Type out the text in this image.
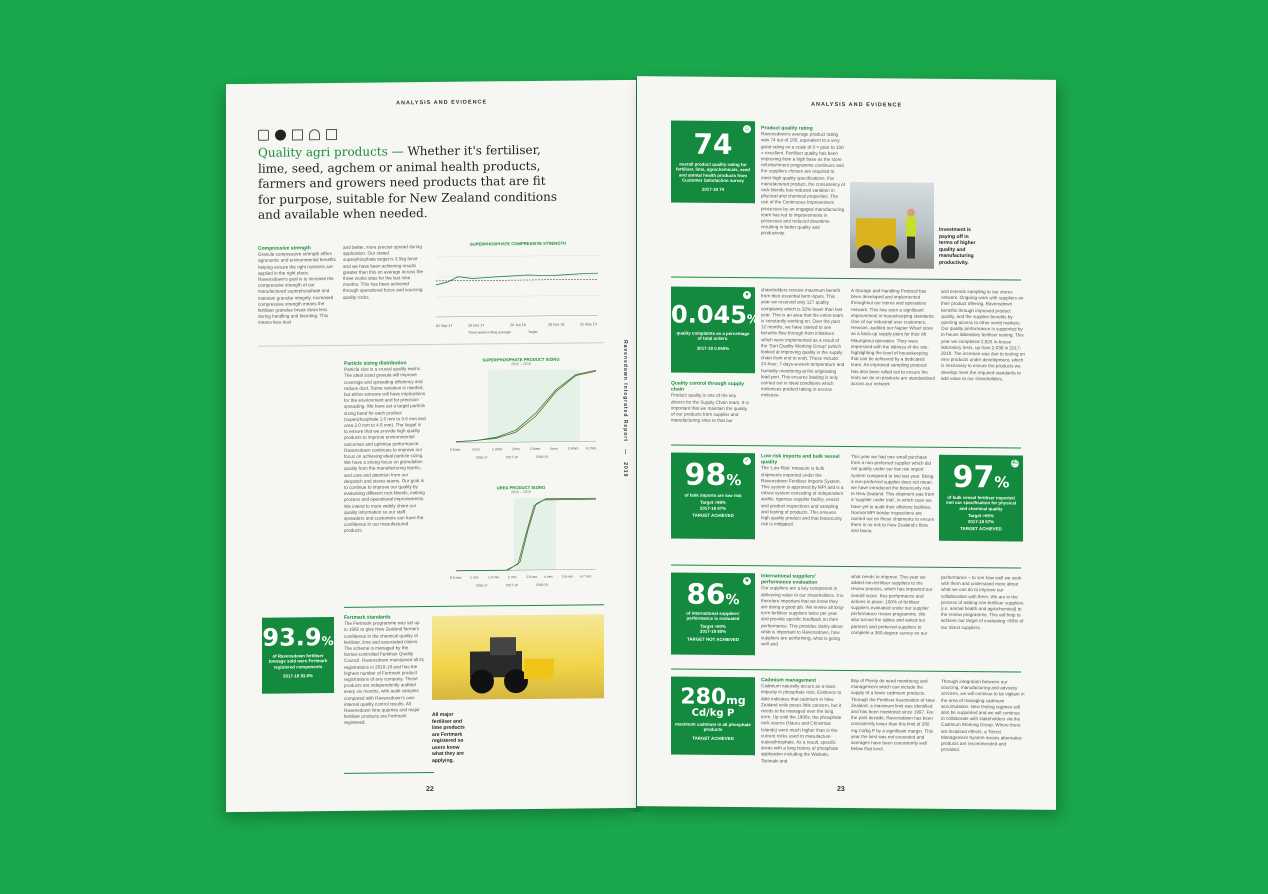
ANALYSIS AND EVIDENCE
Quality agri products — Whether it's fertiliser, lime, seed, agchem or animal health products, farmers and growers need products that are fit for purpose, suitable for New Zealand conditions and available when needed.
Compressive strength
Granule compressive strength offers agronomic and environmental benefits helping ensure the right nutrients are applied in the right place. Ravensdown's goal is to increase the compressive strength of our manufactured superphosphate and maintain granular integrity. Increased compressive strength means the fertiliser granules break down less during handling and blending. This means less dust
and better, more precise spread during application. Our stated superphosphate target is 3.5kg force and we have been achieving results greater than this on average across the three works sites for the last nine months. This has been achieved through operational focus and sourcing quality rocks.
SUPERPHOSPHATE COMPRESSIVE STRENGTH
01 Sep 17	29 Dec 17	29 Jun 18	28 Dec 18	31 May 19
Three weeks rolling average	Target
Particle sizing distribution
Particle size is a crucial quality metric. The ideal sized granule will improve coverage and spreading efficiency and reduce dust. Some variation is needed, but either extreme will have implications for the environment and for precision spreading. We have set a target particle sizing band for each product (superphosphate 1.0 mm to 5.6 mm and urea 2.0 mm to 4.6 mm). The target is to ensure that we provide high quality products to improve environmental outcomes and optimise performance. Ravensdown continues to improve our focus on achieving ideal particle sizing. We have a strong focus on granulation quality from the manufacturing teams, and care and attention from our despatch and stores teams. Our goal is to continue to improve our quality by evaluating different rock blends, making process and operational improvements. We intend to more widely share our quality information so our staff, spreaders and customers can have the confidence in our manufactured products.
SUPERPHOSPHATE PRODUCT SIZING
2016 – 2019
0.5mm	1mm	1.4mm	2mm	2.8mm	4mm	5.6mm 6.7mm
2016-17	2017-18	2018-19
UREA PRODUCT SIZING
2016 – 2019
0.5 mm	1 mm	1.4 mm	2 mm	2.8 mm 4 mm	5.6 mm 6.7 mm
2016-17	2017-18	2018-19
93.9%
of Ravensdown fertiliser tonnage sold were Fertmark registered components
2017-18 93.8%
Fertmark standards
The Fertmark programme was set up in 1992 to give New Zealand farmers confidence in the chemical quality of fertiliser, lime and associated claims. The scheme is managed by the farmer-controlled Fertiliser Quality Council. Ravensdown maintained all its registrations in 2018-19 and has the highest number of Fertmark product registrations of any company. These products are independently audited every six months, with audit samples compared with Ravensdown's own internal quality control results. All Ravensdown lime quarries and major fertiliser products are Fertmark registered.
All major fertiliser and lime products are Fertmark registered so users know what they are applying.
22
Ravensdown Integrated Report   —   2019
ANALYSIS AND EVIDENCE
☺
74
overall product quality rating for fertiliser, lime, agrochemicals, seed and animal health products from Customer Satisfaction survey
2017-18 74
Product quality rating
Ravensdown's average product rating was 74 out of 100, equivalent to a very good rating on a scale of 0 = poor to 100 = excellent. Fertiliser quality has been improving from a high base as the store refurbishment programme continues and the suppliers chosen are required to meet high quality specifications. For manufactured product, the consistency of rock blends has reduced variation in physical and chemical properties. The use of the Continuous Improvement processes by an engaged manufacturing team has led to improvements in processes and reduced downtime resulting in better quality and productivity.
Investment is paying off in terms of higher quality and manufacturing productivity.
▾
0.045%
quality complaints as a percentage of total orders.
2017-18 0.065%
Quality control through supply chain
Product quality is one of the key drivers for the Supply Chain team. It is important that we maintain the quality of our products from supplier and manufacturing sites to that our
shareholders receive maximum benefit from their essential farm inputs. This year we received only 127 quality complaints which is 32% fewer than last year. This is an area that the entire team is constantly working on. Over the past 12 months, we have started to see benefits flow through from initiatives which were implemented as a result of the 'Sort Quality Working Group' (which looked at improving quality in the supply chain from end to end). These include: 24-hour, 7-days-a-week temperature and humidity monitoring at the originating load port. This ensures loading is only carried out in ideal conditions which minimises product taking in excess moisture.
A Storage and Handling Protocol has been developed and implemented throughout our stores and operations network. This has seen a significant improvement in housekeeping standards. One of our industrial user customers, Hewson, audited our Napier Wharf store as a back-up supply point for their Mt Maunganui operation. They were impressed with the tidiness of the site, highlighting the level of housekeeping that can be achieved by a dedicated team. An improved sampling protocol has also been rolled out to ensure the tests we do on products are standardised across our network
and extends sampling to our stores network. Ongoing work with suppliers on their product offering. Ravensdown benefits through improved product quality, and the supplier benefits by opening access to other world markets. Our quality performance is supported by in-house laboratory fertiliser testing. This year we completed 2,825 in-house laboratory tests, up from 2,038 in 2017-2018. The increase was due to testing on new products under development, which is necessary to ensure the products we develop meet the required standards to add value to our shareholders.
✓
98%
of bulk imports are low risk
Target >98%
2017-18 97%
TARGET ACHIEVED
Low risk imports and bulk vessel quality
The 'Low Risk' measure is bulk shipments imported under the Ravensdown Fertiliser Imports System. This system is approved by MPI and is a robust system consisting of independent audits, rigorous supplier facility, vessel and product inspections and sampling and testing of products. This ensures high quality product and that biosecurity risk is mitigated.
This year we had one small purchase from a non-preferred supplier which did not qualify under our low risk import system compared to two last year. Being a non-preferred supplier does not mean we have introduced the biosecurity risk to New Zealand. This shipment was from a 'supplier under trial', in which case we have yet to audit their offshore facilities. Normal MPI border inspections are carried out on these shipments to ensure there is no risk to New Zealand's flora and fauna.
⛴
97%
of bulk vessel fertiliser imported met our specification for physical and chemical quality
Target >95%
2017-18 97%
TARGET ACHIEVED
★
86%
of international suppliers' performance is evaluated
Target >90%
2017-18 85%
TARGET NOT ACHIEVED
International suppliers' performance evaluation
Our suppliers are a key component in delivering value to our shareholders. It is therefore important that we know they are doing a good job. We review all long-term fertiliser suppliers twice per year and provide specific feedback on their performance. This provides clarity about what is important to Ravensdown, how suppliers are performing, what is going well and
what needs to improve. This year we added non-fertiliser suppliers to the review process, which has impacted our overall score. Key performance and actions in place: 100% of fertiliser suppliers evaluated under our supplier performance review programme. We also turned the tables and asked our partners and preferred suppliers to complete a 360-degree survey on our
performance – to see how well we work with them and understand more about what we can do to improve our collaboration with them. We are in the process of adding non-fertiliser suppliers (i.e. animal health and agrochemical) to the review programme. This will help to achieve our target of evaluating >90% of our direct suppliers.
280mg
Cd/kg P
maximum cadmium in all phosphate products
TARGET ACHIEVED
Cadmium management
Cadmium naturally occurs as a trace impurity in phosphate rock. Evidence to date indicates that cadmium in New Zealand soils poses little concern, but it needs to be managed over the long term. Up until the 1990s, the phosphate rock source (Nauru and Christmas Islands) were much higher than in the current rocks used to manufacture superphosphate. As a result, specific areas with a long history of phosphate application including the Waikato, Taranaki and
Bay of Plenty do need monitoring and management which can include the supply of a lower cadmium products. Through the Fertiliser Association of New Zealand, a maximum limit was identified and has been monitored since 1997. For the past decade, Ravensdown has been consistently lower than this limit of 280 mg Cd/kg P by a significant margin. This year the limit was not exceeded and averages have been consistently well below that level.
Through integration between our sourcing, manufacturing and advisory services, we will continue to be vigilant in the area of managing cadmium accumulation. New testing regimes will also be supported and we will continue to collaborate with stakeholders via the Cadmium Working Group. Where there are localised effects, a Tiered Management System means alternative products are recommended and provided.
23
